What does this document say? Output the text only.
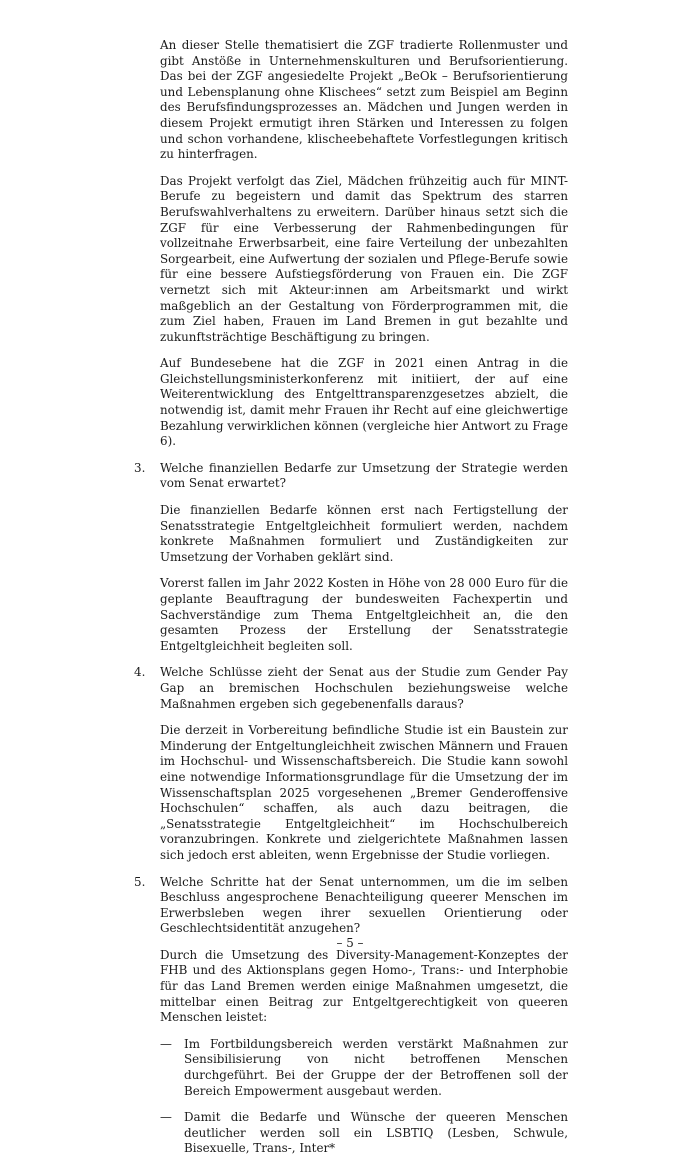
An dieser Stelle thematisiert die ZGF tradierte Rollenmuster und gibt Anstöße in Unternehmenskulturen und Berufsorientierung. Das bei der ZGF angesiedelte Projekt „BeOk – Berufsorientierung und Lebensplanung ohne Klischees“ setzt zum Beispiel am Beginn des Berufsfindungsprozesses an. Mädchen und Jungen werden in diesem Projekt ermutigt ihren Stärken und Interessen zu folgen und schon vorhandene, klischeebehaftete Vorfestlegungen kritisch zu hinterfragen.

Das Projekt verfolgt das Ziel, Mädchen frühzeitig auch für MINT-Berufe zu begeistern und damit das Spektrum des starren Berufswahlverhaltens zu erweitern. Darüber hinaus setzt sich die ZGF für eine Verbesserung der Rahmenbedingungen für vollzeitnahe Erwerbsarbeit, eine faire Verteilung der unbezahlten Sorgearbeit, eine Aufwertung der sozialen und Pflege-Berufe sowie für eine bessere Aufstiegsförderung von Frauen ein. Die ZGF vernetzt sich mit Akteur:innen am Arbeitsmarkt und wirkt maßgeblich an der Gestaltung von Förderprogrammen mit, die zum Ziel haben, Frauen im Land Bremen in gut bezahlte und zukunftsträchtige Beschäftigung zu bringen.

Auf Bundesebene hat die ZGF in 2021 einen Antrag in die Gleichstellungsministerkonferenz mit initiiert, der auf eine Weiterentwicklung des Entgelttransparenzgesetzes abzielt, die notwendig ist, damit mehr Frauen ihr Recht auf eine gleichwertige Bezahlung verwirklichen können (vergleiche hier Antwort zu Frage 6).

3. Welche finanziellen Bedarfe zur Umsetzung der Strategie werden vom Senat erwartet?

Die finanziellen Bedarfe können erst nach Fertigstellung der Senatsstrategie Entgeltgleichheit formuliert werden, nachdem konkrete Maßnahmen formuliert und Zuständigkeiten zur Umsetzung der Vorhaben geklärt sind.

Vorerst fallen im Jahr 2022 Kosten in Höhe von 28 000 Euro für die geplante Beauftragung der bundesweiten Fachexpertin und Sachverständige zum Thema Entgeltgleichheit an, die den gesamten Prozess der Erstellung der Senatsstrategie Entgeltgleichheit begleiten soll.

4. Welche Schlüsse zieht der Senat aus der Studie zum Gender Pay Gap an bremischen Hochschulen beziehungsweise welche Maßnahmen ergeben sich gegebenenfalls daraus?

Die derzeit in Vorbereitung befindliche Studie ist ein Baustein zur Minderung der Entgeltungleichheit zwischen Männern und Frauen im Hochschul- und Wissenschaftsbereich. Die Studie kann sowohl eine notwendige Informationsgrundlage für die Umsetzung der im Wissenschaftsplan 2025 vorgesehenen „Bremer Genderoffensive Hochschulen“ schaffen, als auch dazu beitragen, die „Senatsstrategie Entgeltgleichheit“ im Hochschulbereich voranzubringen. Konkrete und zielgerichtete Maßnahmen lassen sich jedoch erst ableiten, wenn Ergebnisse der Studie vorliegen.

5. Welche Schritte hat der Senat unternommen, um die im selben Beschluss angesprochene Benachteiligung queerer Menschen im Erwerbsleben wegen ihrer sexuellen Orientierung oder Geschlechtsidentität anzugehen?

Durch die Umsetzung des Diversity-Management-Konzeptes der FHB und des Aktionsplans gegen Homo-, Trans:- und Interphobie für das Land Bremen werden einige Maßnahmen umgesetzt, die mittelbar einen Beitrag zur Entgeltgerechtigkeit von queeren Menschen leistet:

— Im Fortbildungsbereich werden verstärkt Maßnahmen zur Sensibilisierung von nicht betroffenen Menschen durchgeführt. Bei der Gruppe der der Betroffenen soll der Bereich Empowerment ausgebaut werden.
— Damit die Bedarfe und Wünsche der queeren Menschen deutlicher werden soll ein LSBTIQ (Lesben, Schwule, Bisexuelle, Trans-, Inter*
– 5 –
